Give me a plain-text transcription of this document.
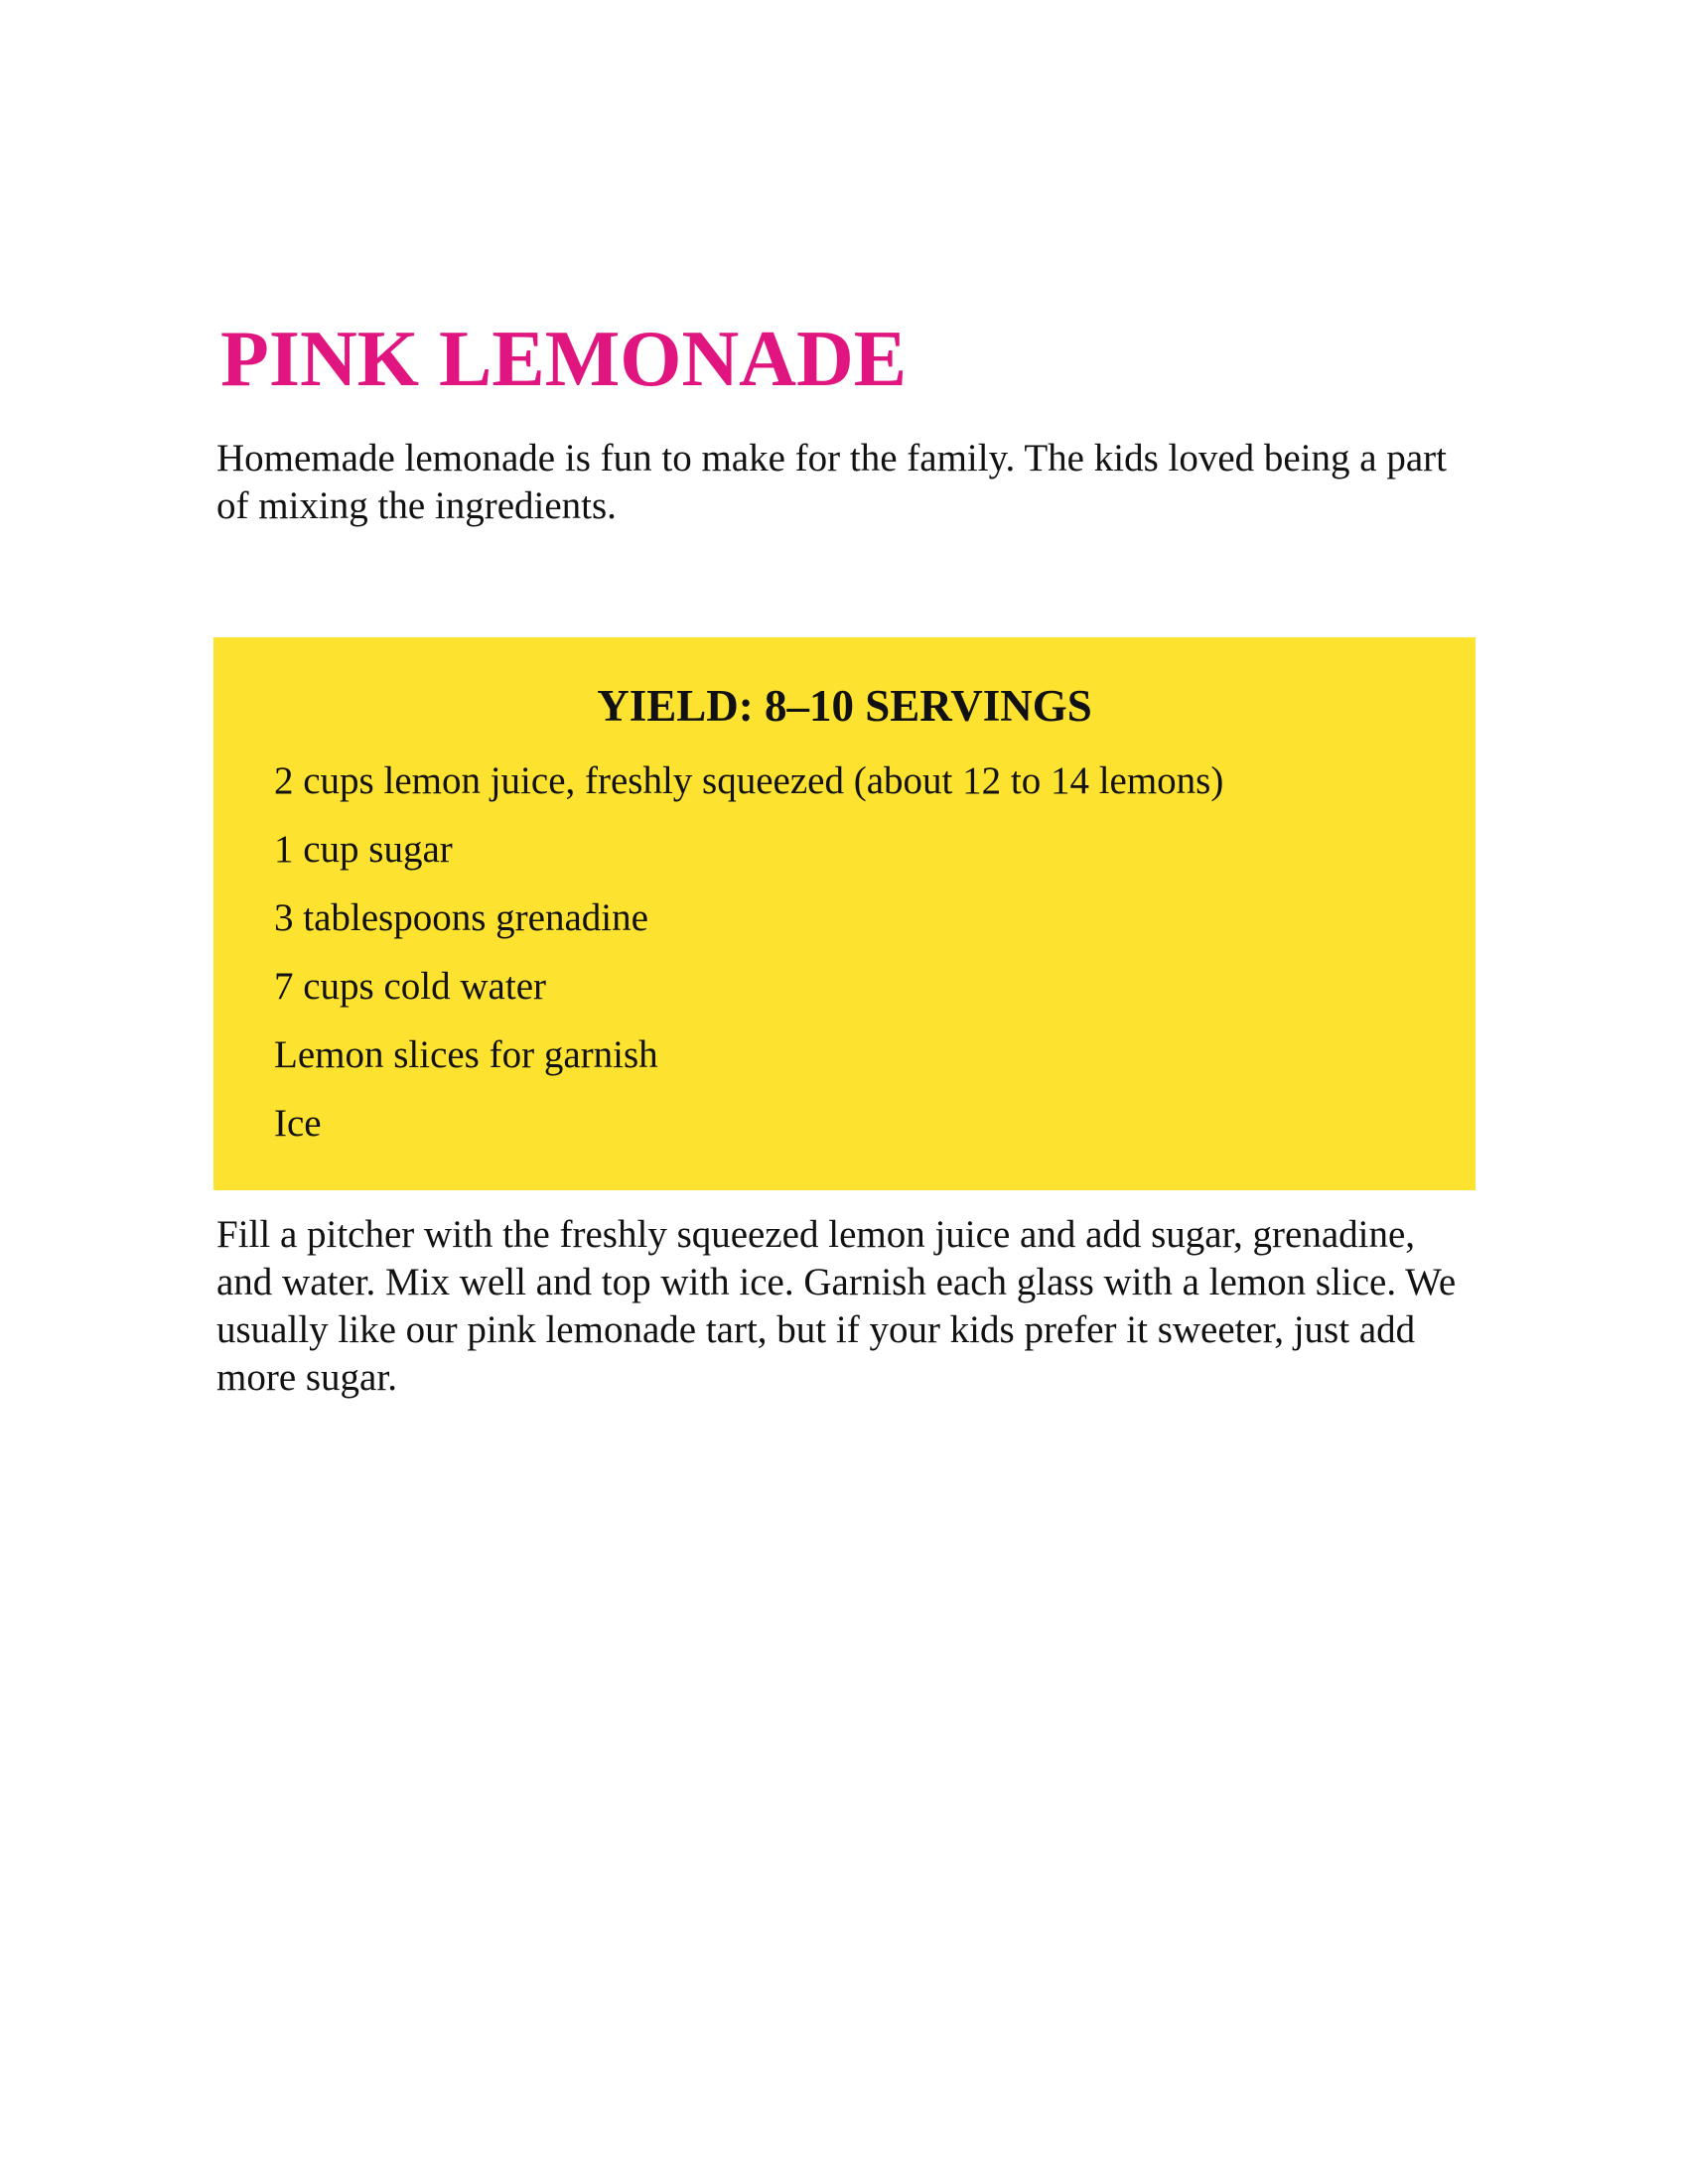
PINK LEMONADE

Homemade lemonade is fun to make for the family. The kids loved being a part of mixing the ingredients.

YIELD: 8–10 SERVINGS
2 cups lemon juice, freshly squeezed (about 12 to 14 lemons)
1 cup sugar
3 tablespoons grenadine
7 cups cold water
Lemon slices for garnish
Ice

Fill a pitcher with the freshly squeezed lemon juice and add sugar, grenadine, and water. Mix well and top with ice. Garnish each glass with a lemon slice. We usually like our pink lemonade tart, but if your kids prefer it sweeter, just add more sugar.
